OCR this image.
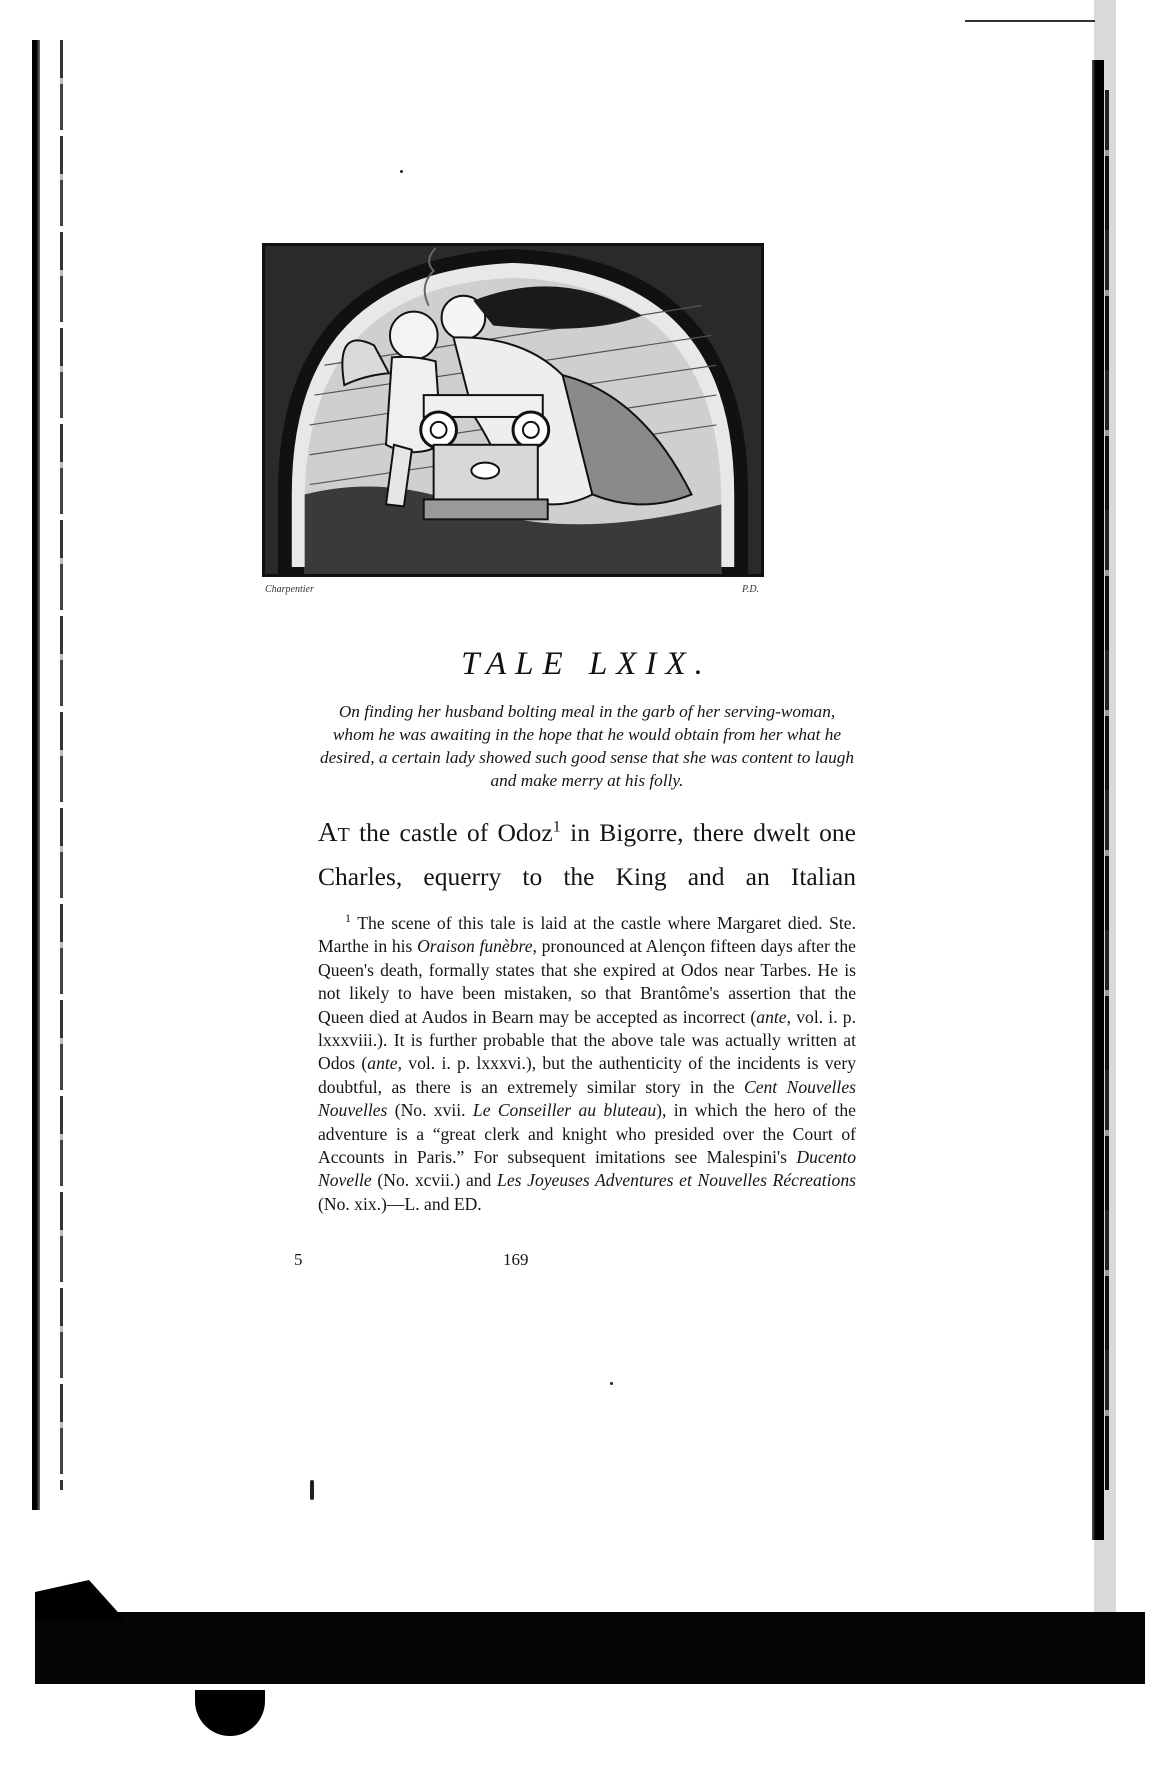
Charpentier	P.D.
TALE LXIX.

On finding her husband bolting meal in the garb of her serving-woman, whom he was awaiting in the hope that he would obtain from her what he desired, a certain lady showed such good sense that she was content to laugh and make merry at his folly.

AT the castle of Odoz$^1$ in Bigorre, there dwelt one Charles, equerry to the King and an Italian

$^1$ The scene of this tale is laid at the castle where Margaret died. Ste. Marthe in his Oraison funèbre, pronounced at Alençon fifteen days after the Queen's death, formally states that she expired at Odos near Tarbes. He is not likely to have been mistaken, so that Brantôme's assertion that the Queen died at Audos in Bearn may be accepted as incorrect (ante, vol. i. p. lxxxviii.). It is further probable that the above tale was actually written at Odos (ante, vol. i. p. lxxxvi.), but the authenticity of the incidents is very doubtful, as there is an extremely similar story in the Cent Nouvelles Nouvelles (No. xvii. Le Conseiller au bluteau), in which the hero of the adventure is a “great clerk and knight who presided over the Court of Accounts in Paris.” For subsequent imitations see Malespini's Ducento Novelle (No. xcvii.) and Les Joyeuses Adventures et Nouvelles Récreations (No. xix.)—L. and ED.

5	169
